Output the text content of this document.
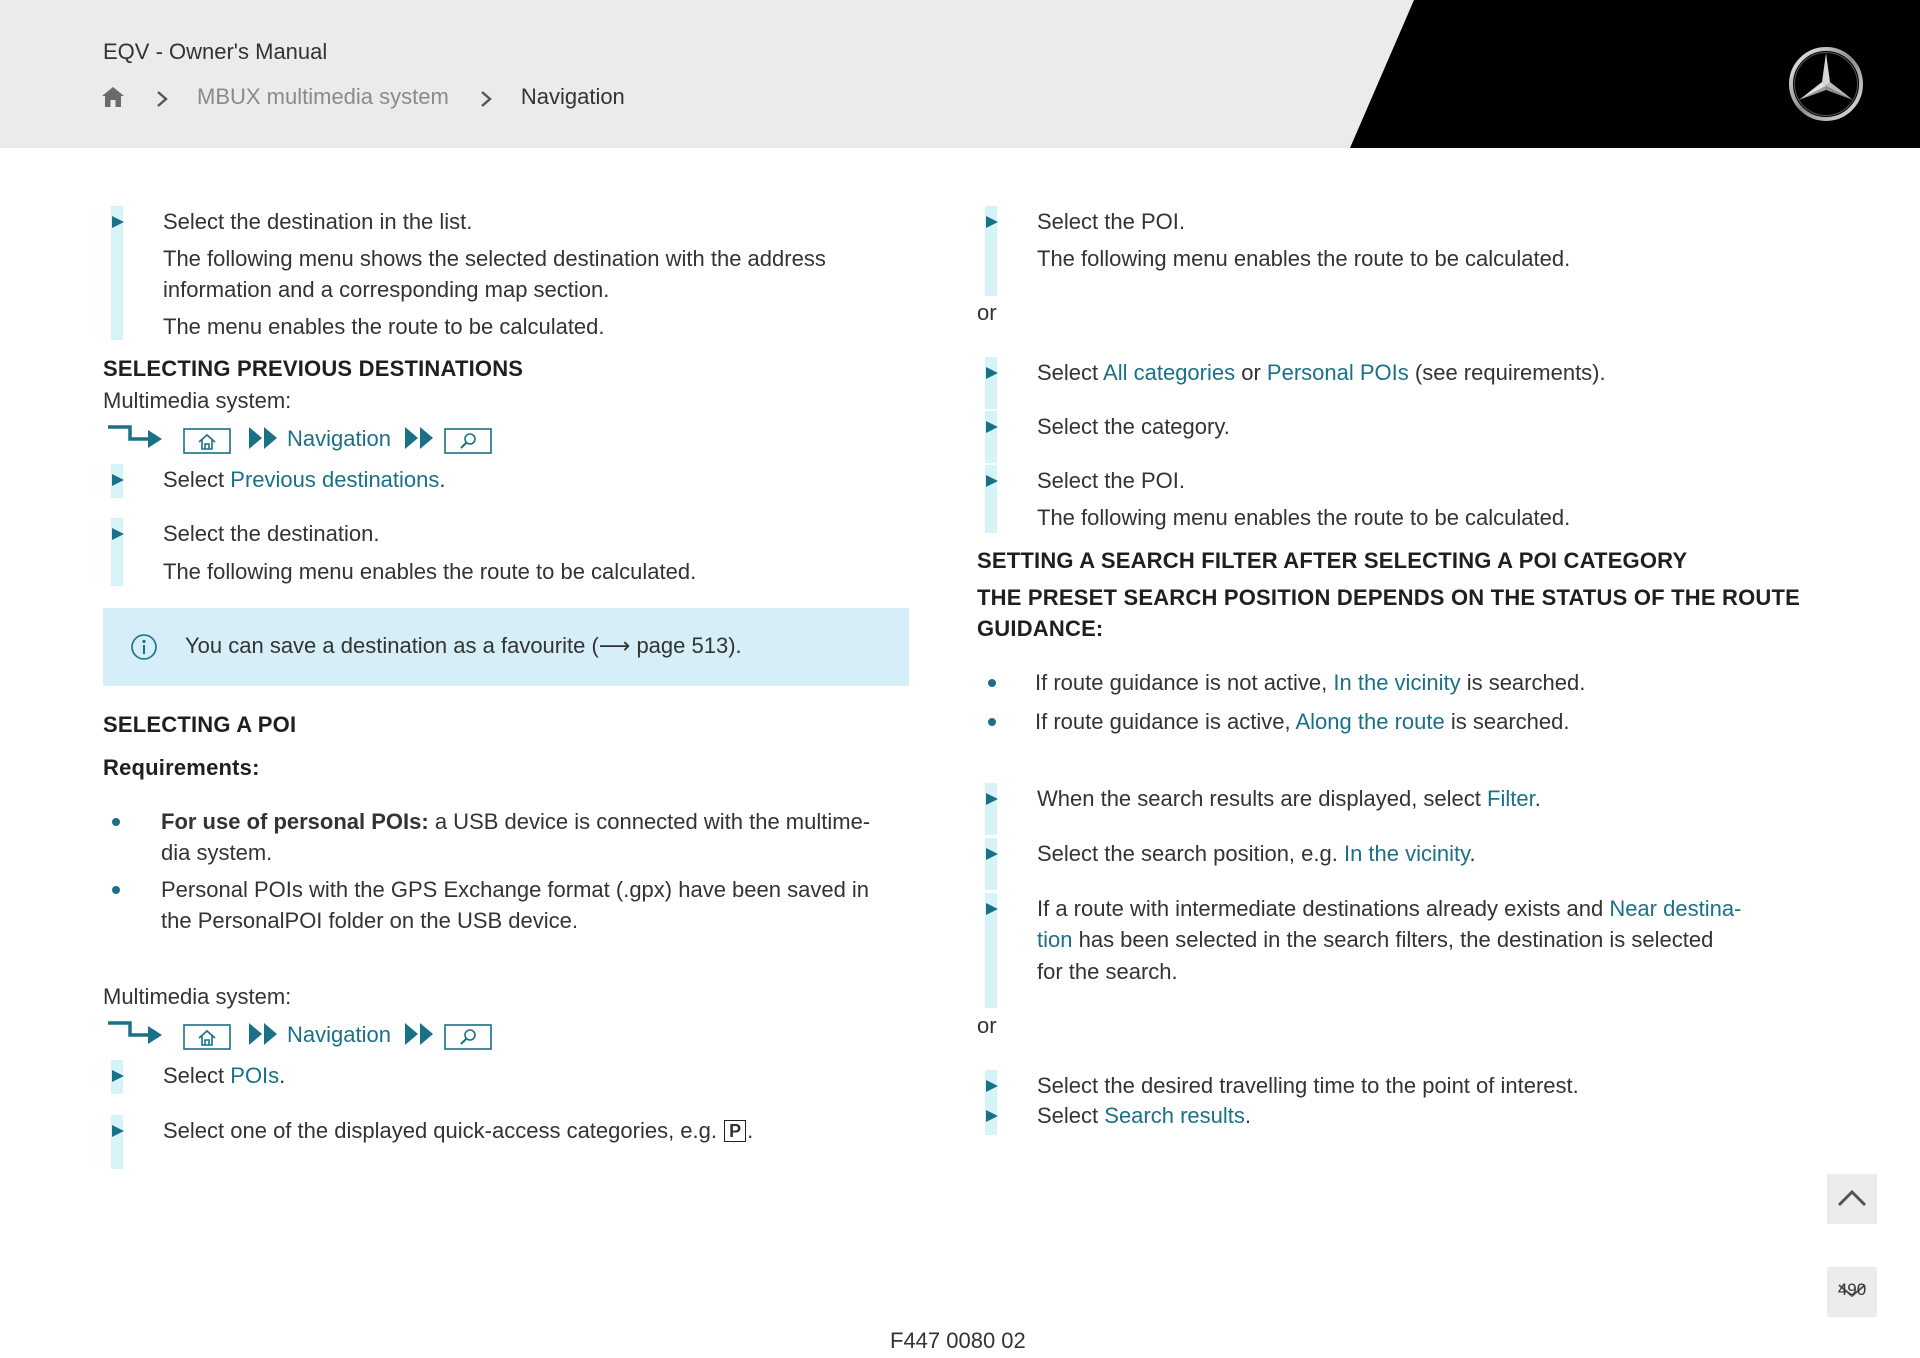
EQV - Owner's Manual
MBUX multimedia system	Navigation
Select the destination in the list.
The following menu shows the selected destination with the address
information and a corresponding map section.
The menu enables the route to be calculated.
SELECTING PREVIOUS DESTINATIONS
Multimedia system:
Navigation
Select Previous destinations.
Select the destination.
The following menu enables the route to be calculated.
You can save a destination as a favourite (⟶ page 513).
SELECTING A POI
Requirements:
For use of personal POIs: a USB device is connected with the multime-
dia system.
Personal POIs with the GPS Exchange format (.gpx) have been saved in
the PersonalPOI folder on the USB device.
Multimedia system:
Navigation
Select POIs.
Select one of the displayed quick-access categories, e.g. P .
Select the POI.
The following menu enables the route to be calculated.
or
Select All categories or Personal POIs (see requirements).
Select the category.
Select the POI.
The following menu enables the route to be calculated.
SETTING A SEARCH FILTER AFTER SELECTING A POI CATEGORY
THE PRESET SEARCH POSITION DEPENDS ON THE STATUS OF THE ROUTE
GUIDANCE:
If route guidance is not active, In the vicinity is searched.
If route guidance is active, Along the route is searched.
When the search results are displayed, select Filter.
Select the search position, e.g. In the vicinity.
If a route with intermediate destinations already exists and Near destina-
tion has been selected in the search filters, the destination is selected
for the search.
or
Select the desired travelling time to the point of interest.
Select Search results.
490
F447 0080 02
